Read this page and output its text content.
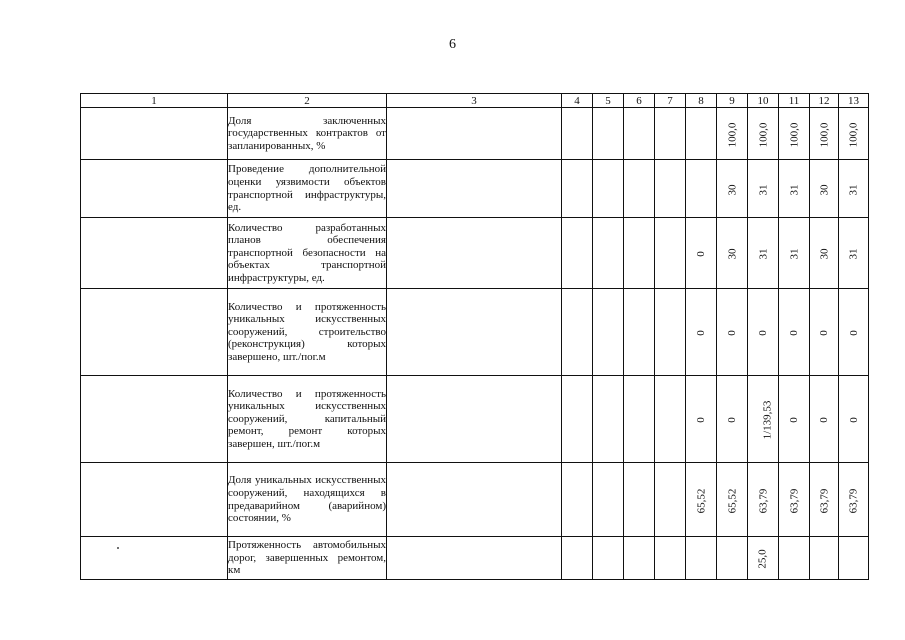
6
1	2	3	4	5	6	7	8	9	10	11	12	13
	Доля заключенных государственных контрактов от запланированных, %							100,0	100,0	100,0	100,0	100,0
	Проведение дополнительной оценки уязвимости объектов транспортной инфраструктуры, ед.							30	31	31	30	31
	Количество разработанных планов обеспечения транспортной безопасности на объектах транспортной инфраструктуры, ед.						0	30	31	31	30	31
	Количество и протяженность уникальных искусственных сооружений, строительство (реконструкция) которых завершено, шт./пог.м						0	0	0	0	0	0
	Количество и протяженность уникальных искусственных сооружений, капитальный ремонт, ремонт которых завершен, шт./пог.м						0	0	1/139,53	0	0	0
	Доля уникальных искусственных сооружений, находящихся в предаварийном (аварийном) состоянии, %						65,52	65,52	63,79	63,79	63,79	63,79
	Протяженность автомобильных дорог, завершенных ремонтом, км								25,0			
